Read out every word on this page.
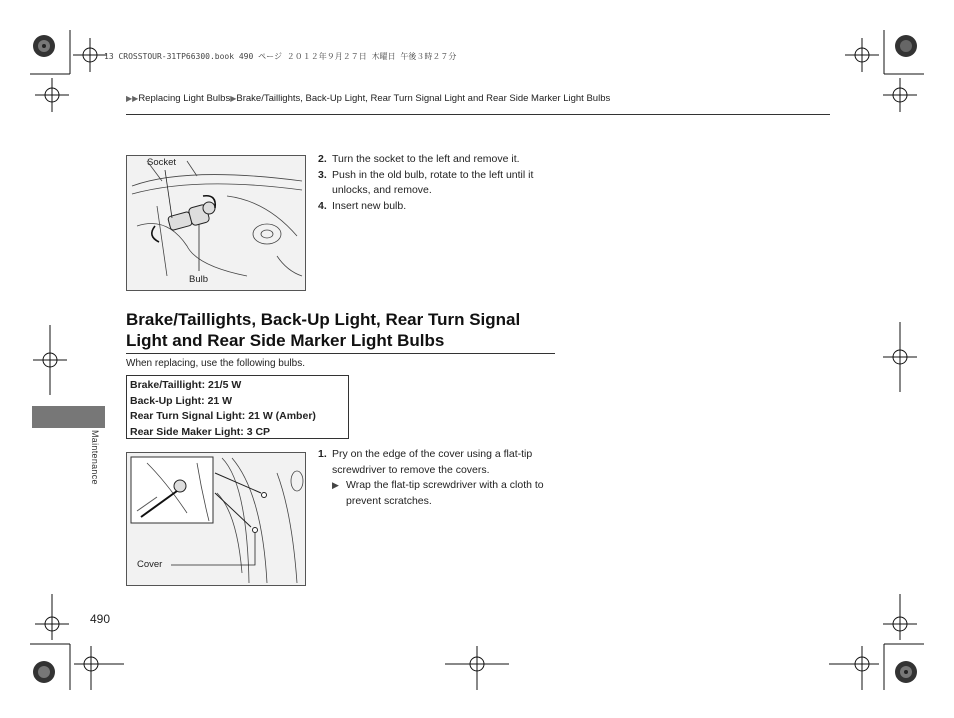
13 CROSSTOUR-31TP66300.book 490 ページ ２０１２年９月２７日 木曜日 午後３時２７分
▶▶Replacing Light Bulbs▶Brake/Taillights, Back-Up Light, Rear Turn Signal Light and Rear Side Marker Light Bulbs
Socket
Bulb
2. Turn the socket to the left and remove it.
3. Push in the old bulb, rotate to the left until it unlocks, and remove.
4. Insert new bulb.
Brake/Taillights, Back-Up Light, Rear Turn Signal
Light and Rear Side Marker Light Bulbs
When replacing, use the following bulbs.
Brake/Taillight: 21/5 W
Back-Up Light: 21 W
Rear Turn Signal Light: 21 W (Amber)
Rear Side Maker Light: 3 CP
Cover
1. Pry on the edge of the cover using a flat-tip screwdriver to remove the covers.
▶ Wrap the flat-tip screwdriver with a cloth to prevent scratches.
Maintenance
490
